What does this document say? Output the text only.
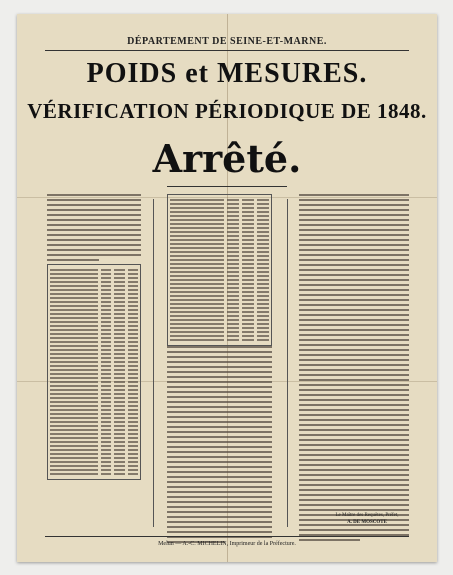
DÉPARTEMENT DE SEINE-ET-MARNE.
POIDS et MESURES.
VÉRIFICATION PÉRIODIQUE DE 1848.
Arrêté.
Le Maître des Requêtes, Préfet,
A. DE MOSCOTE
Melun — A.-C. MICHELIN, Imprimeur de la Préfecture.
